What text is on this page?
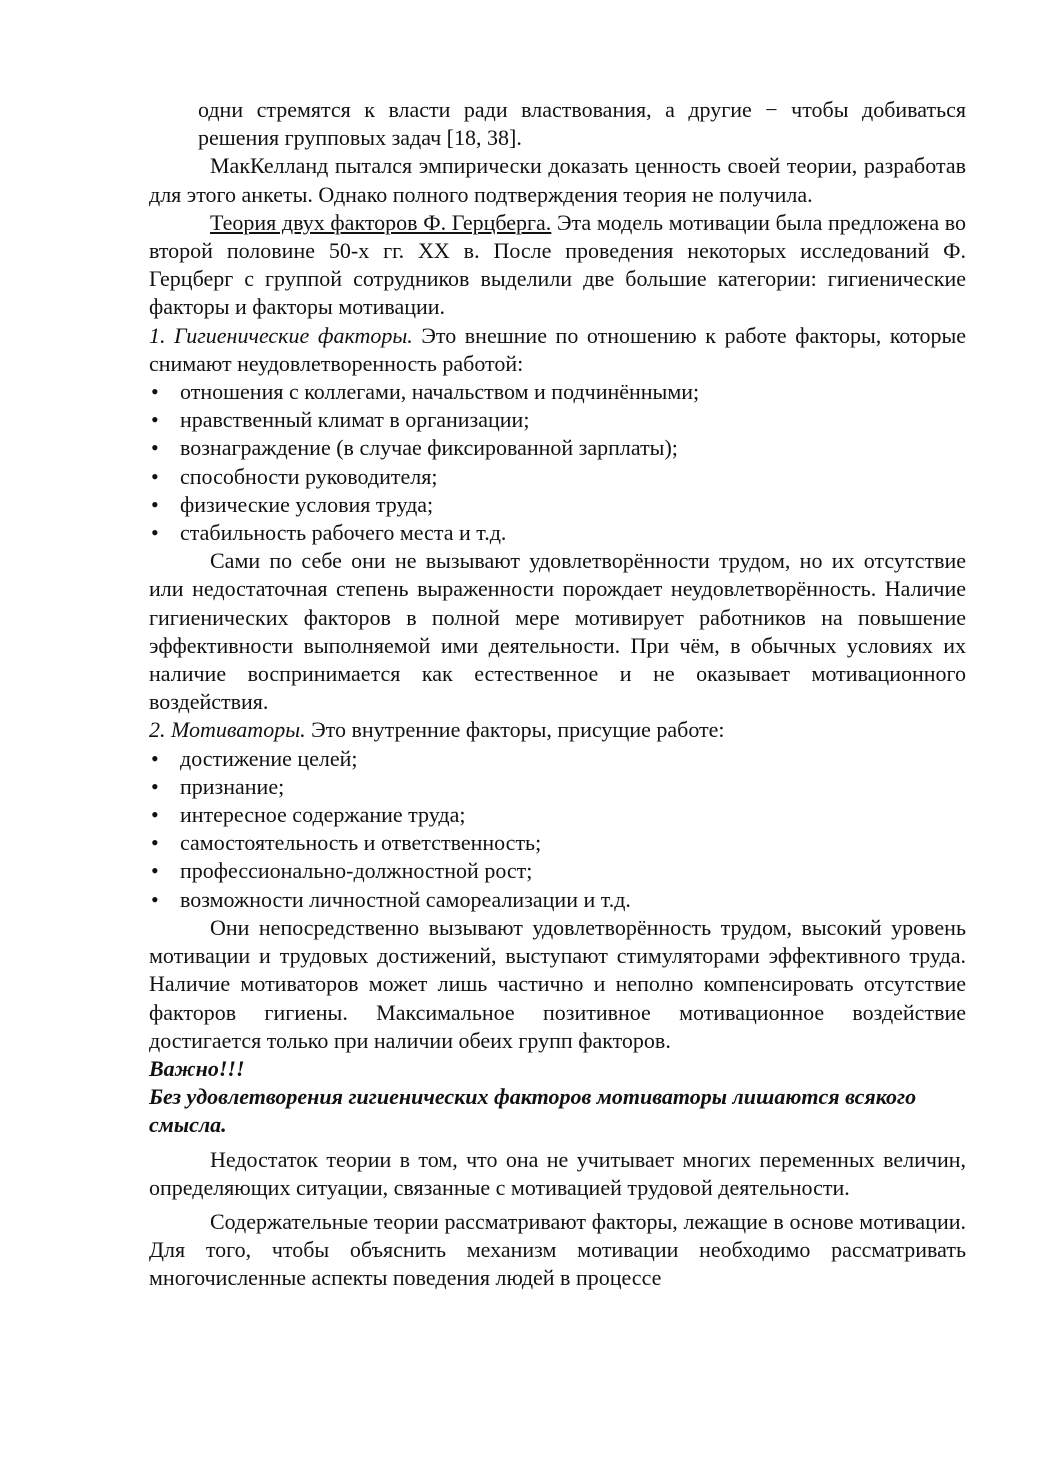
одни стремятся к власти ради властвования, а другие − чтобы добиваться решения групповых задач [18, 38].

МакКелланд пытался эмпирически доказать ценность своей теории, разработав для этого анкеты. Однако полного подтверждения теория не получила.

Теория двух факторов Ф. Герцберга. Эта модель мотивации была предложена во второй половине 50-х гг. XX в. После проведения некоторых исследований Ф. Герцберг с группой сотрудников выделили две большие категории: гигиенические факторы и факторы мотивации.

1. Гигиенические факторы. Это внешние по отношению к работе факторы, которые снимают неудовлетворенность работой:

• отношения с коллегами, начальством и подчинёнными;
• нравственный климат в организации;
• вознаграждение (в случае фиксированной зарплаты);
• способности руководителя;
• физические условия труда;
• стабильность рабочего места и т.д.

Сами по себе они не вызывают удовлетворённости трудом, но их отсутствие или недостаточная степень выраженности порождает неудовлетворённость. Наличие гигиенических факторов в полной мере мотивирует работников на повышение эффективности выполняемой ими деятельности. При чём, в обычных условиях их наличие воспринимается как естественное и не оказывает мотивационного воздействия.

2. Мотиваторы. Это внутренние факторы, присущие работе:

• достижение целей;
• признание;
• интересное содержание труда;
• самостоятельность и ответственность;
• профессионально-должностной рост;
• возможности личностной самореализации и т.д.

Они непосредственно вызывают удовлетворённость трудом, высокий уровень мотивации и трудовых достижений, выступают стимуляторами эффективного труда. Наличие мотиваторов может лишь частично и неполно компенсировать отсутствие факторов гигиены. Максимальное позитивное мотивационное воздействие достигается только при наличии обеих групп факторов.

Важно!!!

Без удовлетворения гигиенических факторов мотиваторы лишаются всякого смысла.

Недостаток теории в том, что она не учитывает многих переменных величин, определяющих ситуации, связанные с мотивацией трудовой деятельности.

Содержательные теории рассматривают факторы, лежащие в основе мотивации. Для того, чтобы объяснить механизм мотивации необходимо рассматривать многочисленные аспекты поведения людей в процессе
